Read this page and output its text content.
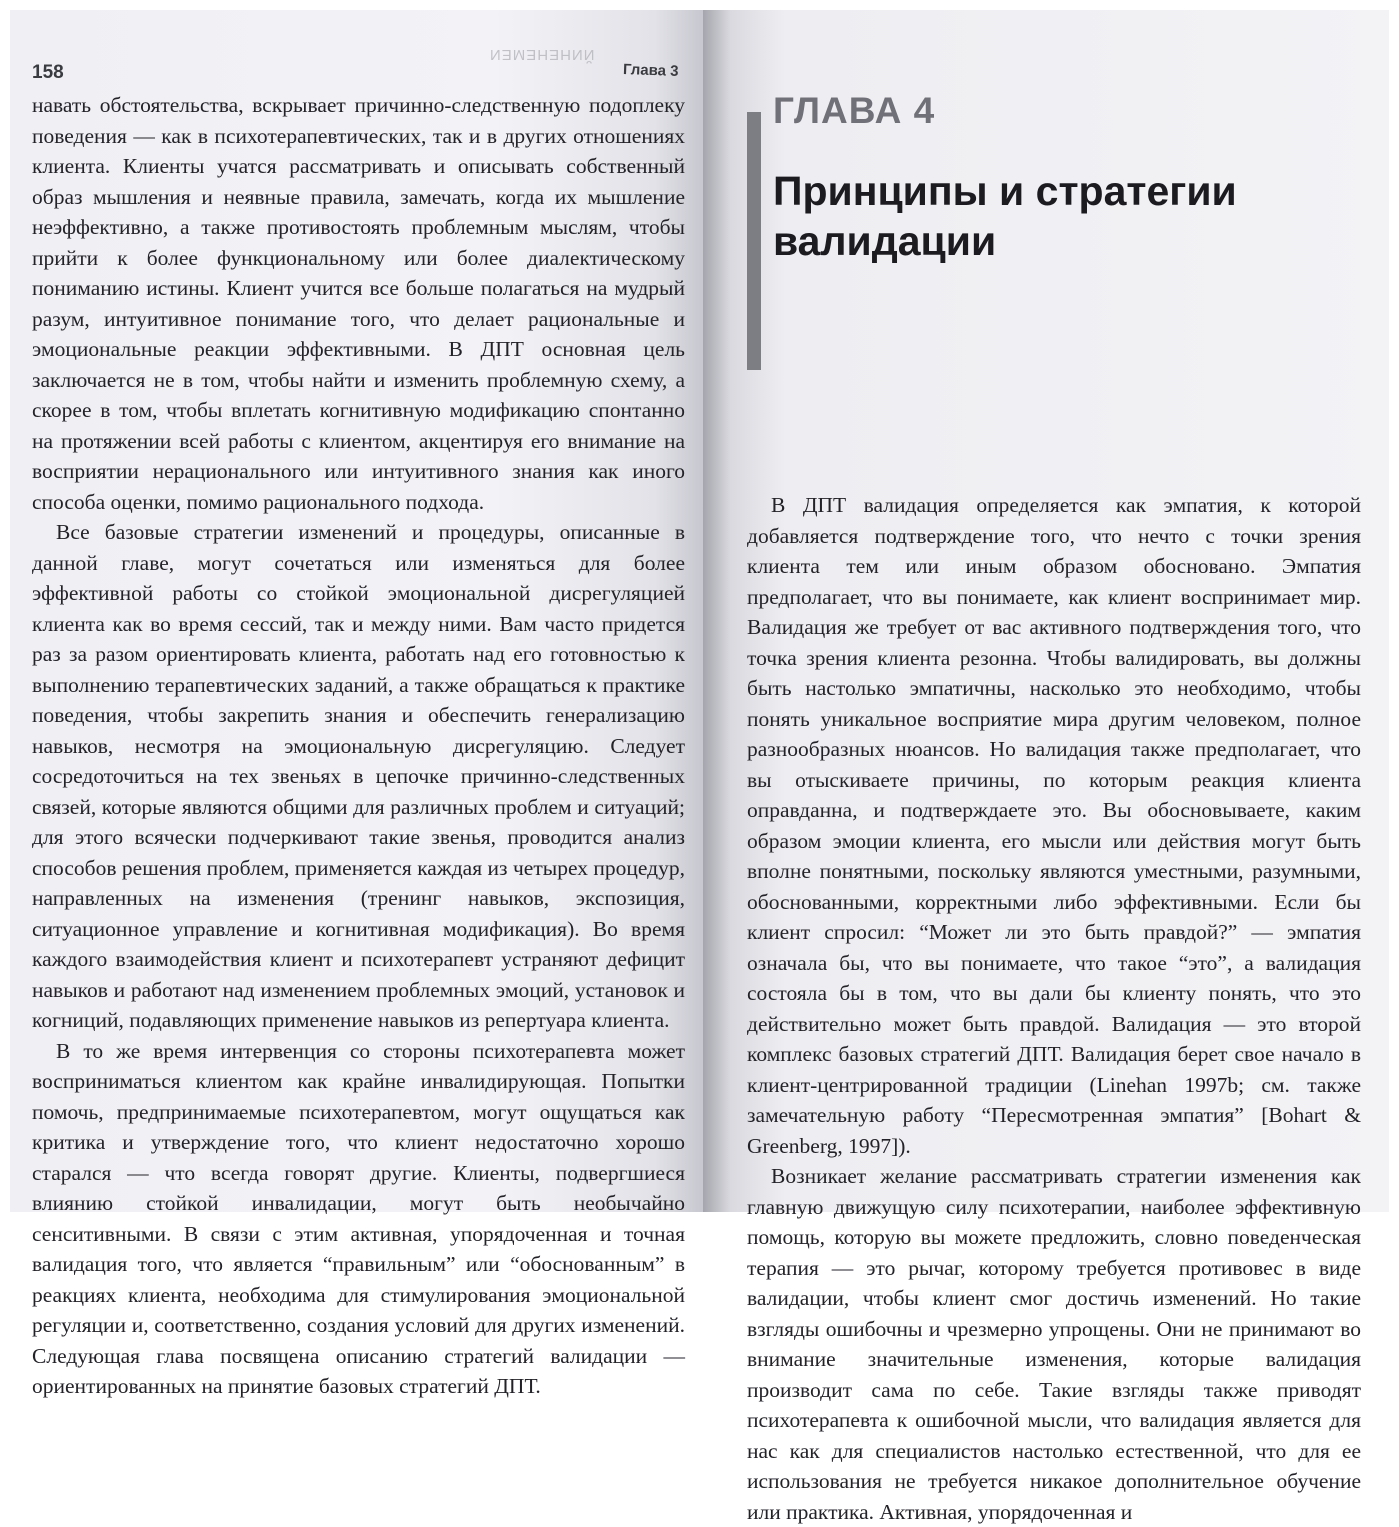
158
ЙИНЕНЕМЕИ
Глава 3

навать обстоятельства, вскрывает причинно-следственную подоплеку поведения — как в психотерапевтических, так и в других отношениях клиента. Клиенты учатся рассматривать и описывать собственный образ мышления и неявные правила, замечать, когда их мышление неэффективно, а также противостоять проблемным мыслям, чтобы прийти к более функциональному или более диалектическому пониманию истины. Клиент учится все больше полагаться на мудрый разум, интуитивное понимание того, что делает рациональные и эмоциональные реакции эффективными. В ДПТ основная цель заключается не в том, чтобы найти и изменить проблемную схему, а скорее в том, чтобы вплетать когнитивную модификацию спонтанно на протяжении всей работы с клиентом, акцентируя его внимание на восприятии нерационального или интуитивного знания как иного способа оценки, помимо рационального подхода.

Все базовые стратегии изменений и процедуры, описанные в данной главе, могут сочетаться или изменяться для более эффективной работы со стойкой эмоциональной дисрегуляцией клиента как во время сессий, так и между ними. Вам часто придется раз за разом ориентировать клиента, работать над его готовностью к выполнению терапевтических заданий, а также обращаться к практике поведения, чтобы закрепить знания и обеспечить генерализацию навыков, несмотря на эмоциональную дисрегуляцию. Следует сосредоточиться на тех звеньях в цепочке причинно-следственных связей, которые являются общими для различных проблем и ситуаций; для этого всячески подчеркивают такие звенья, проводится анализ способов решения проблем, применяется каждая из четырех процедур, направленных на изменения (тренинг навыков, экспозиция, ситуационное управление и когнитивная модификация). Во время каждого взаимодействия клиент и психотерапевт устраняют дефицит навыков и работают над изменением проблемных эмоций, установок и когниций, подавляющих применение навыков из репертуара клиента.

В то же время интервенция со стороны психотерапевта может восприниматься клиентом как крайне инвалидирующая. Попытки помочь, предпринимаемые психотерапевтом, могут ощущаться как критика и утверждение того, что клиент недостаточно хорошо старался — что всегда говорят другие. Клиенты, подвергшиеся влиянию стойкой инвалидации, могут быть необычайно сенситивными. В связи с этим активная, упорядоченная и точная валидация того, что является “правильным” или “обоснованным” в реакциях клиента, необходима для стимулирования эмоциональной регуляции и, соответственно, создания условий для других изменений. Следующая глава посвящена описанию стратегий валидации — ориентированных на принятие базовых стратегий ДПТ.

ГЛАВА 4
Принципы и стратегии валидации

В ДПТ валидация определяется как эмпатия, к которой добавляется подтверждение того, что нечто с точки зрения клиента тем или иным образом обосновано. Эмпатия предполагает, что вы понимаете, как клиент воспринимает мир. Валидация же требует от вас активного подтверждения того, что точка зрения клиента резонна. Чтобы валидировать, вы должны быть настолько эмпатичны, насколько это необходимо, чтобы понять уникальное восприятие мира другим человеком, полное разнообразных нюансов. Но валидация также предполагает, что вы отыскиваете причины, по которым реакция клиента оправданна, и подтверждаете это. Вы обосновываете, каким образом эмоции клиента, его мысли или действия могут быть вполне понятными, поскольку являются уместными, разумными, обоснованными, корректными либо эффективными. Если бы клиент спросил: “Может ли это быть правдой?” — эмпатия означала бы, что вы понимаете, что такое “это”, а валидация состояла бы в том, что вы дали бы клиенту понять, что это действительно может быть правдой. Валидация — это второй комплекс базовых стратегий ДПТ. Валидация берет свое начало в клиент-центрированной традиции (Linehan 1997b; см. также замечательную работу “Пересмотренная эмпатия” [Bohart & Greenberg, 1997]).

Возникает желание рассматривать стратегии изменения как главную движущую силу психотерапии, наиболее эффективную помощь, которую вы можете предложить, словно поведенческая терапия — это рычаг, которому требуется противовес в виде валидации, чтобы клиент смог достичь изменений. Но такие взгляды ошибочны и чрезмерно упрощены. Они не принимают во внимание значительные изменения, которые валидация производит сама по себе. Такие взгляды также приводят психотерапевта к ошибочной мысли, что валидация является для нас как для специалистов настолько естественной, что для ее использования не требуется никакое дополнительное обучение или практика. Активная, упорядоченная и
